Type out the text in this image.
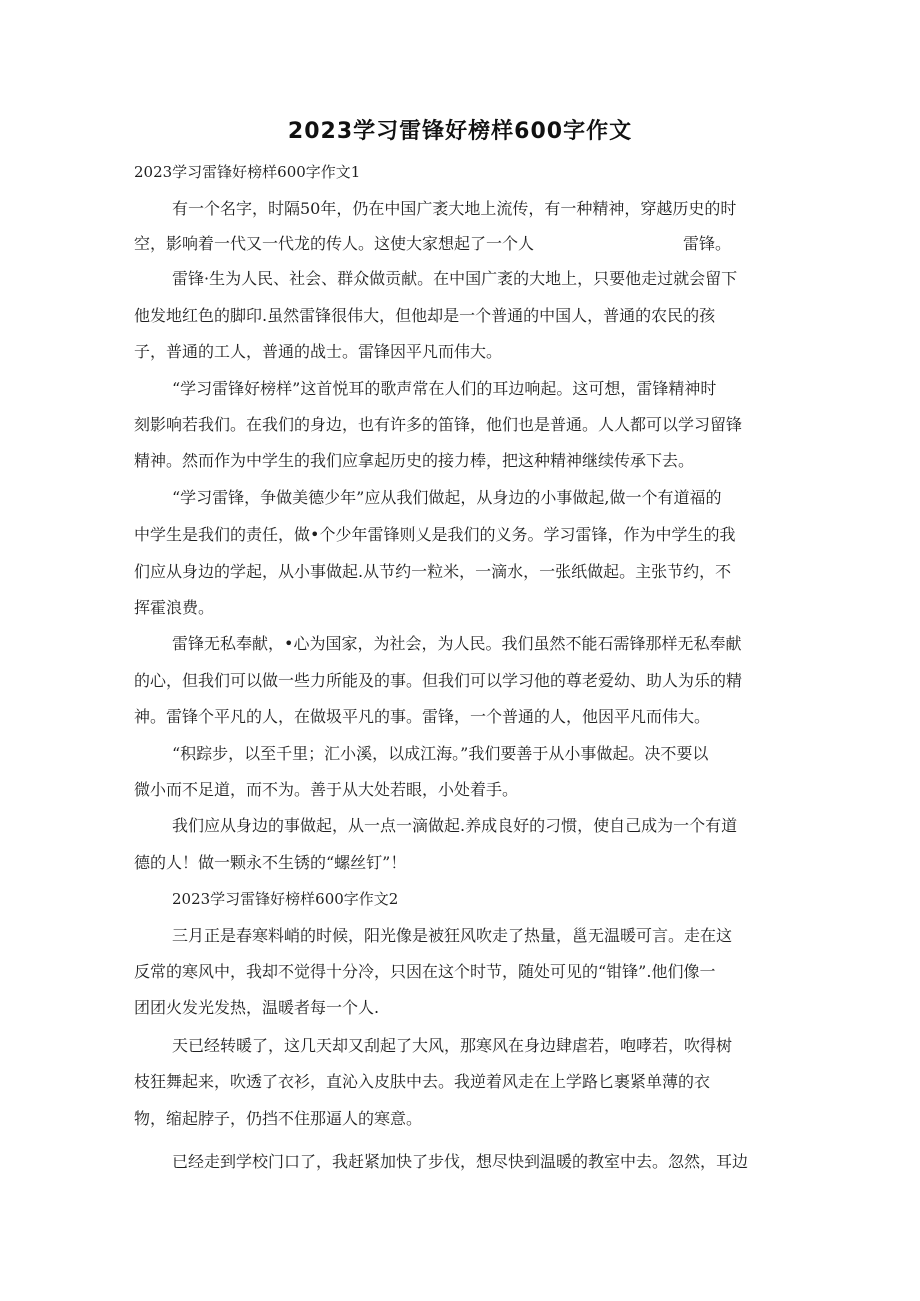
2023学习雷锋好榜样600字作文
2023学习雷锋好榜样600字作文1
有一个名字，时隔50年，仍在中国广袤大地上流传，有一种精神，穿越历史的时
空，影响着一代又一代龙的传人。这使大家想起了一个人	雷锋。
雷锋·生为人民、社会、群众做贡献。在中国广袤的大地上，只要他走过就会留下
他发地红色的脚印.虽然雷锋很伟大，但他却是一个普通的中国人，普通的农民的孩
子，普通的工人，普通的战士。雷锋因平凡而伟大。
“学习雷锋好榜样”这首悦耳的歌声常在人们的耳边响起。这可想，雷锋精神时
刻影响若我们。在我们的身边，也有许多的笛锋，他们也是普通。人人都可以学习留锋
精神。然而作为中学生的我们应拿起历史的接力棒，把这种精神继续传承下去。
“学习雷锋，争做美德少年”应从我们做起，从身边的小事做起,做一个有道福的
中学生是我们的责任，做•个少年雷锋则乂是我们的义务。学习雷锋，作为中学生的我
们应从身边的学起，从小事做起.从节约一粒米，一滴水，一张纸做起。主张节约，不
挥霍浪费。
雷锋无私奉献，•心为国家，为社会，为人民。我们虽然不能石需锋那样无私奉献
的心，但我们可以做一些力所能及的事。但我们可以学习他的尊老爱幼、助人为乐的精
神。雷锋个平凡的人，在做圾平凡的事。雷锋，一个普通的人，他因平凡而伟大。
“积踪步，以至千里；汇小溪，以成江海。”我们要善于从小事做起。决不要以
微小而不足道，而不为。善于从大处若眼，小处着手。
我们应从身边的事做起，从一点一滴做起.养成良好的刁惯，使自己成为一个有道
德的人！做一颗永不生锈的“螺丝钉”！
2023学习雷锋好榜样600字作文2
三月正是春寒料峭的时候，阳光像是被狂风吹走了热量，邕无温暖可言。走在这
反常的寒风中，我却不觉得十分冷，只因在这个时节，随处可见的“钳锋”.他们像一
团团火发光发热，温暖者每一个人.
天已经转暖了，这几天却又刮起了大风，那寒风在身边肆虐若，咆哮若，吹得树
枝狂舞起来，吹透了衣衫，直沁入皮肤中去。我逆着风走在上学路匕裹紧单薄的衣
物，缩起脖子，仍挡不住那逼人的寒意。
已经走到学校门口了，我赶紧加快了步伐，想尽快到温暖的教室中去。忽然，耳边
